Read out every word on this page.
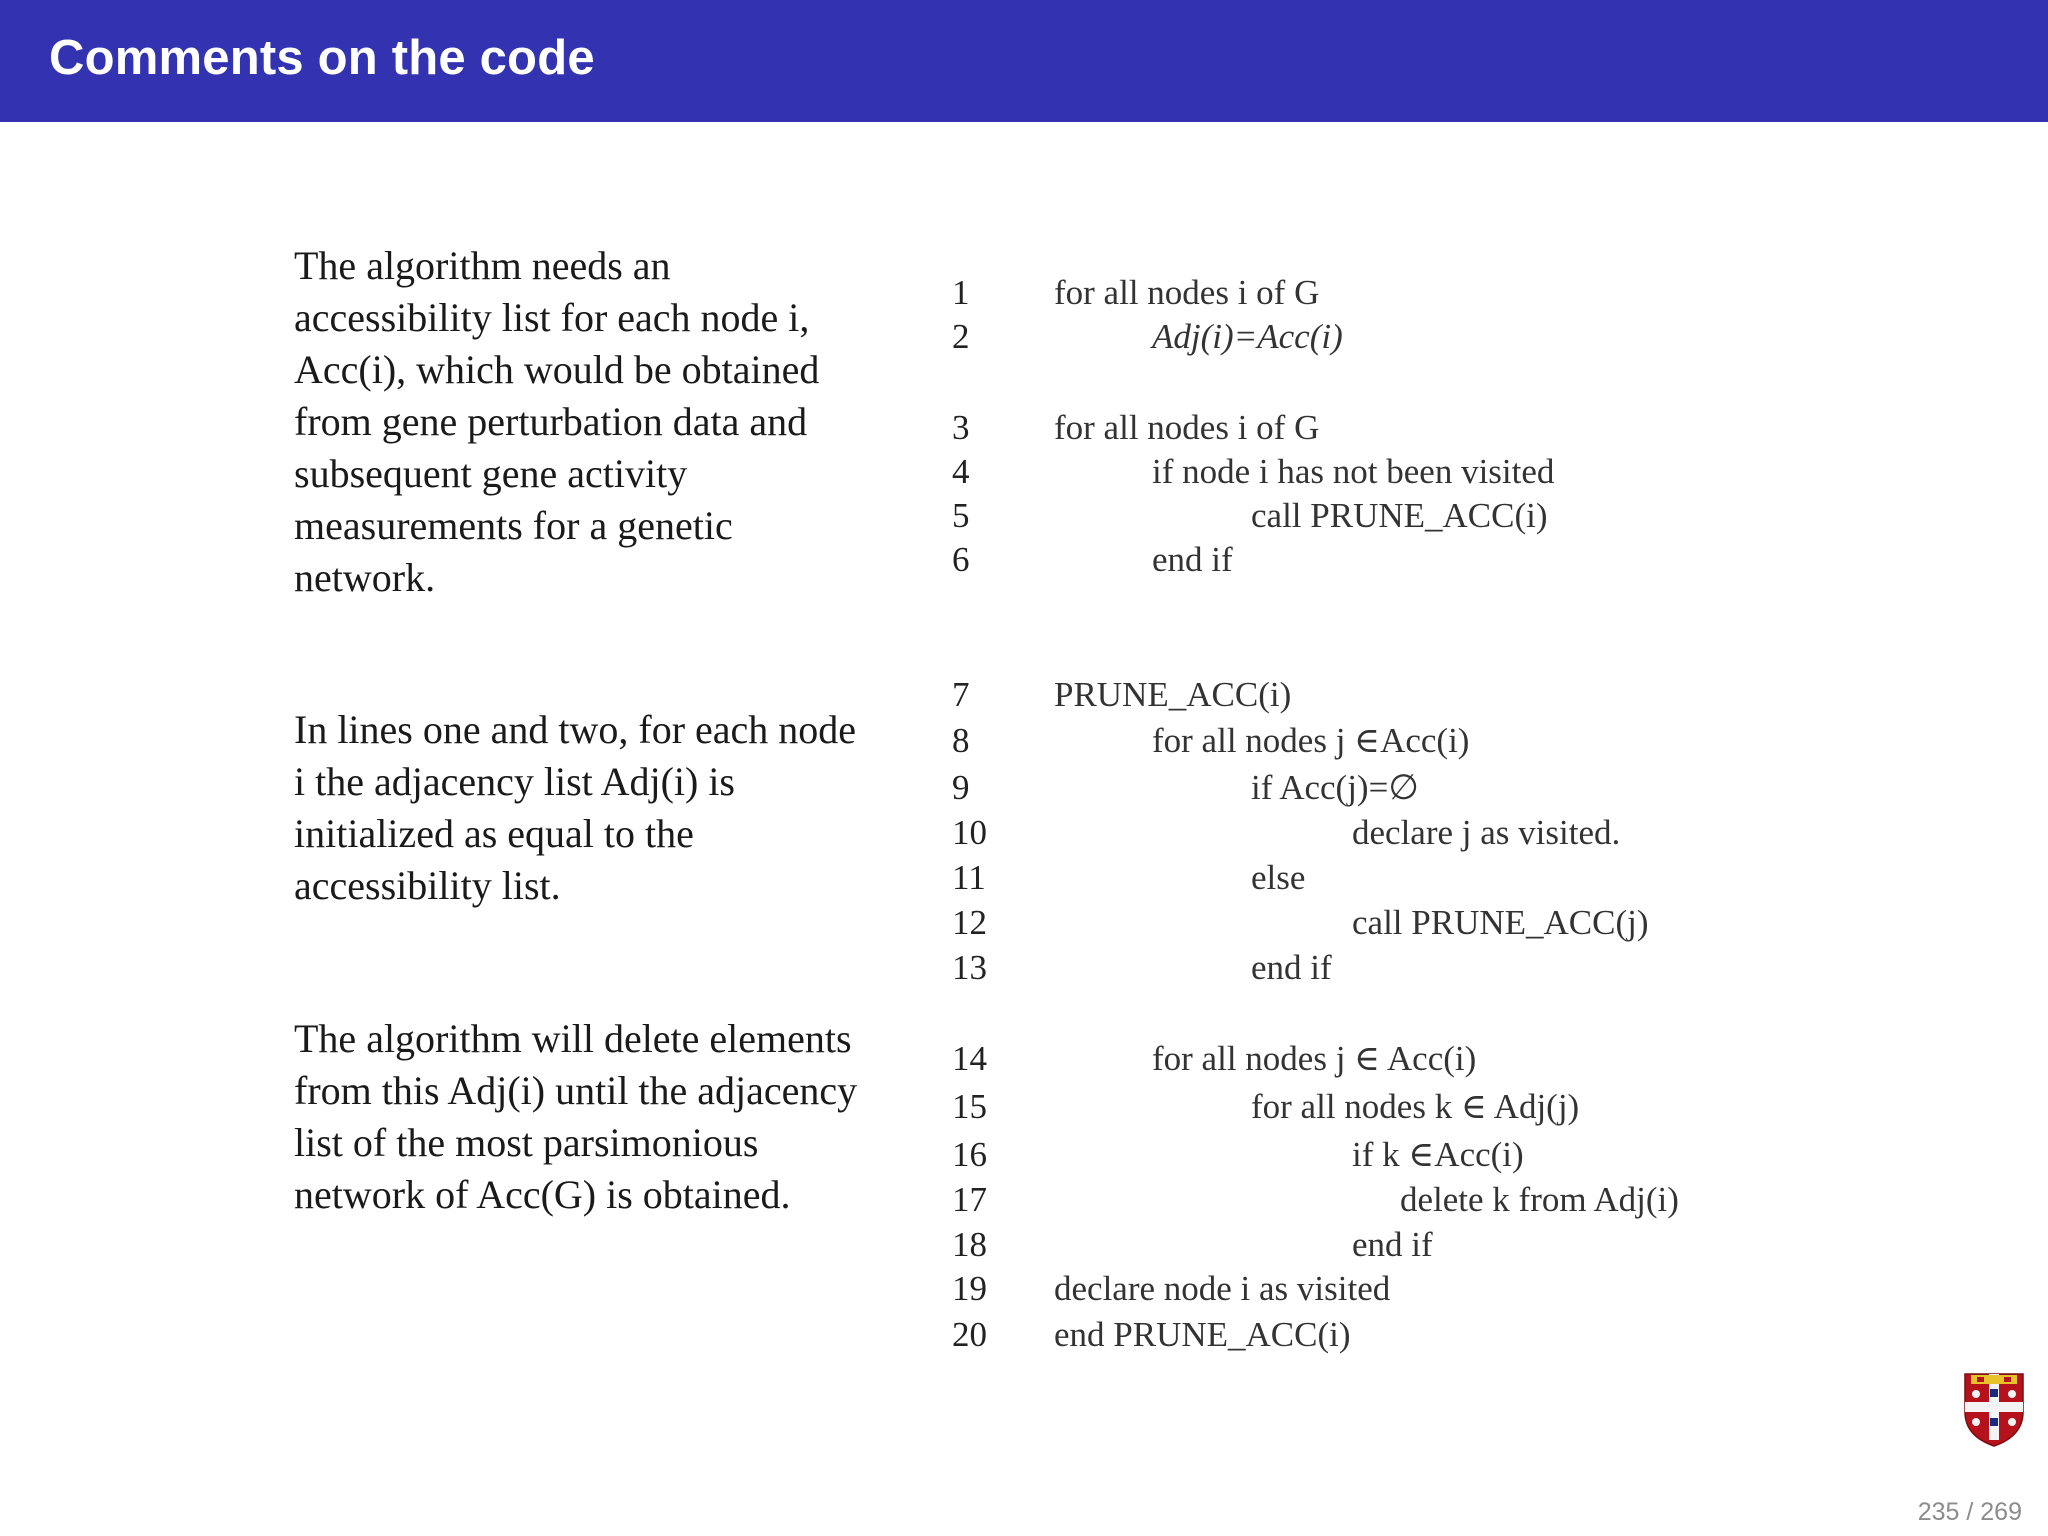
Comments on the code
The algorithm needs an
accessibility list for each node i,
Acc(i), which would be obtained
from gene perturbation data and
subsequent gene activity
measurements for a genetic
network.
In lines one and two, for each node
i the adjacency list Adj(i) is
initialized as equal to the
accessibility list.
The algorithm will delete elements
from this Adj(i) until the adjacency
list of the most parsimonious
network of Acc(G) is obtained.
1 for all nodes i of G
2	Adj(i)=Acc(i)
3 for all nodes i of G
4	if node i has not been visited
5	call PRUNE_ACC(i)
6	end if
7 PRUNE_ACC(i)
8	for all nodes j ∈Acc(i)
9	if Acc(j)=∅
10	declare j as visited.
11	else
12	call PRUNE_ACC(j)
13	end if
14	for all nodes j ∈ Acc(i)
15	for all nodes k ∈ Adj(j)
16	if k ∈Acc(i)
17	delete k from Adj(i)
18	end if
19 declare node i as visited
20 end PRUNE_ACC(i)
235 / 269
